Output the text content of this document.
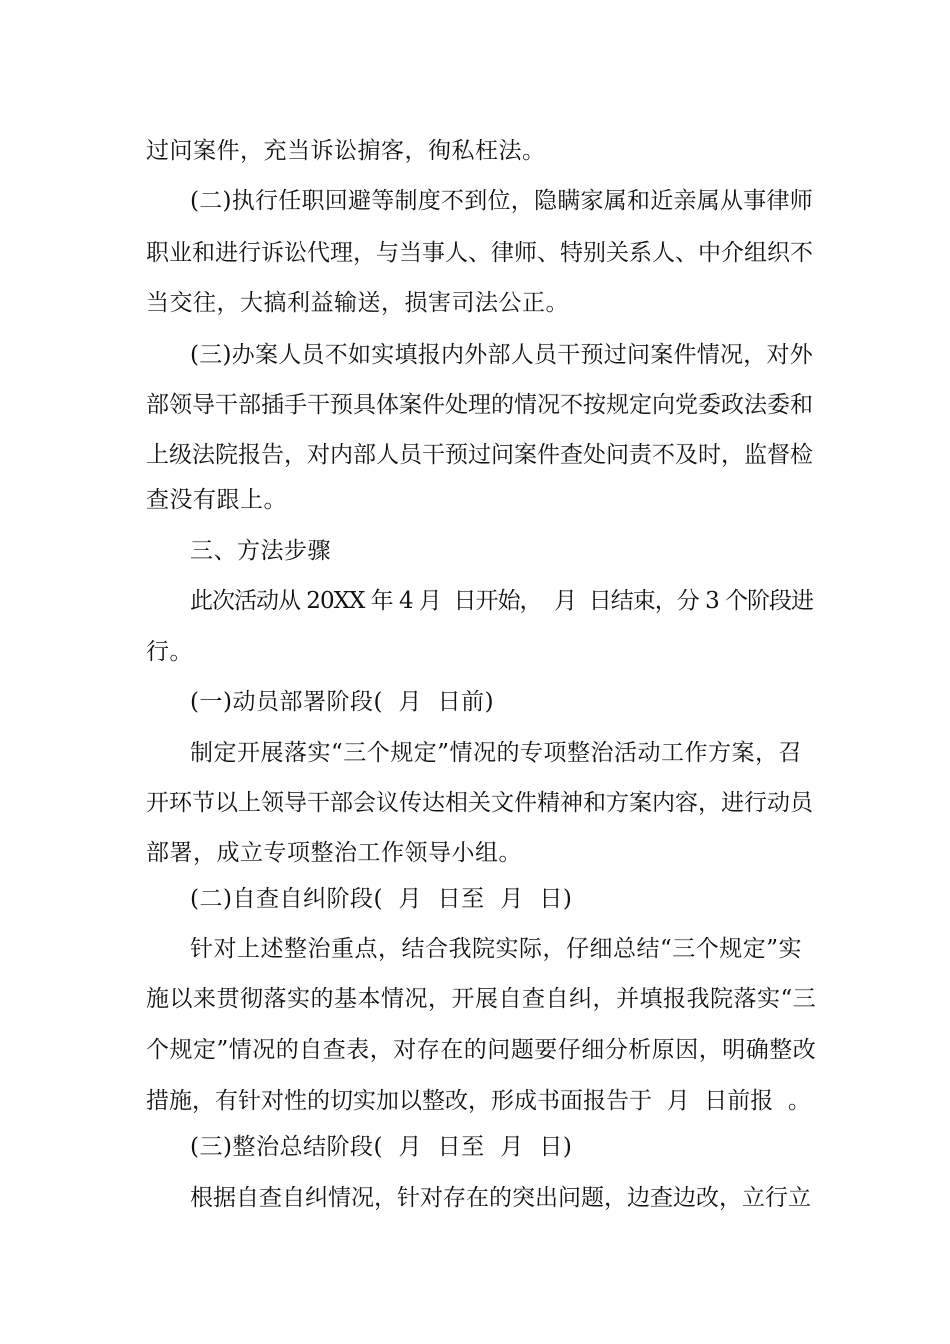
过问案件，充当诉讼掮客，徇私枉法。
(二)执行任职回避等制度不到位，隐瞒家属和近亲属从事律师
职业和进行诉讼代理，与当事人、律师、特别关系人、中介组织不
当交往，大搞利益输送，损害司法公正。
(三)办案人员不如实填报内外部人员干预过问案件情况，对外
部领导干部插手干预具体案件处理的情况不按规定向党委政法委和
上级法院报告，对内部人员干预过问案件查处问责不及时，监督检
查没有跟上。
三、方法步骤
此次活动从 20XX 年 4 月  日开始，  月  日结束，分 3 个阶段进
行。
(一)动员部署阶段(  月  日前)
制定开展落实“三个规定”情况的专项整治活动工作方案，召
开环节以上领导干部会议传达相关文件精神和方案内容，进行动员
部署，成立专项整治工作领导小组。
(二)自查自纠阶段(  月  日至  月  日)
针对上述整治重点，结合我院实际，仔细总结“三个规定”实
施以来贯彻落实的基本情况，开展自查自纠，并填报我院落实“三
个规定”情况的自查表，对存在的问题要仔细分析原因，明确整改
措施，有针对性的切实加以整改，形成书面报告于  月  日前报  。
(三)整治总结阶段(  月  日至  月  日)
根据自查自纠情况，针对存在的突出问题，边查边改，立行立
